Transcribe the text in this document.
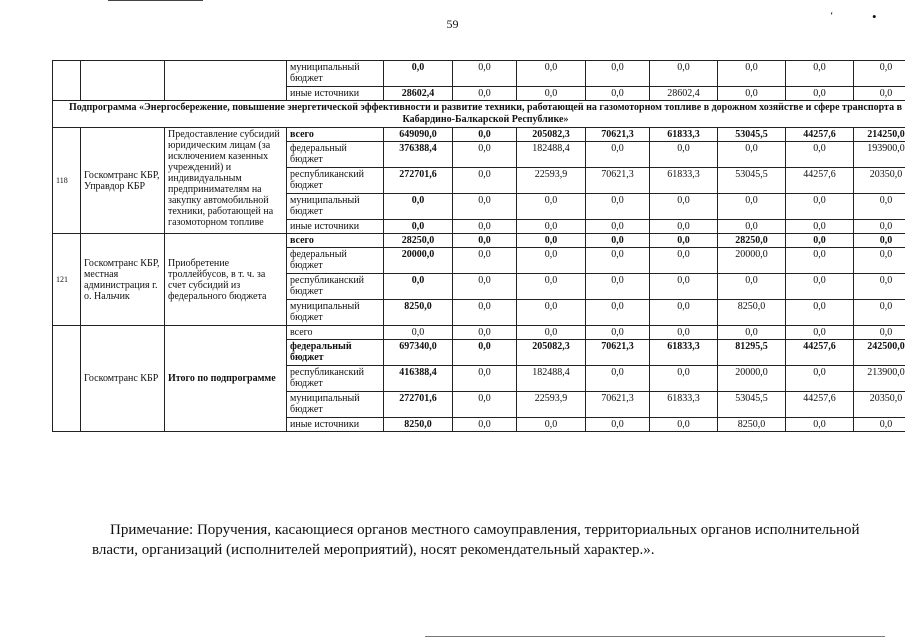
59
ʻ	•
			муниципальный бюджет	0,0	0,0	0,0	0,0	0,0	0,0	0,0	0,0
			иные источники	28602,4	0,0	0,0	0,0	28602,4	0,0	0,0	0,0
Подпрограмма «Энергосбережение, повышение энергетической эффективности и развитие техники, работающей на газомоторном топливе в дорожном хозяйстве и сфере транспорта в Кабардино-Балкарской Республике»											
118	Госкомтранс КБР, Управдор КБР	Предоставление субсидий юридическим лицам (за исключением казенных учреждений) и индивидуальным предпринимателям на закупку автомобильной техники, работающей на газомоторном топливе	всего	649090,0	0,0	205082,3	70621,3	61833,3	53045,5	44257,6	214250,0
			федеральный бюджет	376388,4	0,0	182488,4	0,0	0,0	0,0	0,0	193900,0
			республиканский бюджет	272701,6	0,0	22593,9	70621,3	61833,3	53045,5	44257,6	20350,0
			муниципальный бюджет	0,0	0,0	0,0	0,0	0,0	0,0	0,0	0,0
			иные источники	0,0	0,0	0,0	0,0	0,0	0,0	0,0	0,0
121	Госкомтранс КБР, местная администрация г. о. Нальчик	Приобретение троллейбусов, в т. ч. за счет субсидий из федерального бюджета	всего	28250,0	0,0	0,0	0,0	0,0	28250,0	0,0	0,0
			федеральный бюджет	20000,0	0,0	0,0	0,0	0,0	20000,0	0,0	0,0
			республиканский бюджет	0,0	0,0	0,0	0,0	0,0	0,0	0,0	0,0
			муниципальный бюджет	8250,0	0,0	0,0	0,0	0,0	8250,0	0,0	0,0
	Госкомтранс КБР	Итого по подпрограмме	всего	0,0	0,0	0,0	0,0	0,0	0,0	0,0	0,0
			федеральный бюджет	697340,0	0,0	205082,3	70621,3	61833,3	81295,5	44257,6	242500,0
			республиканский бюджет	416388,4	0,0	182488,4	0,0	0,0	20000,0	0,0	213900,0
			муниципальный бюджет	272701,6	0,0	22593,9	70621,3	61833,3	53045,5	44257,6	20350,0
			иные источники	8250,0	0,0	0,0	0,0	0,0	8250,0	0,0	0,0
Примечание: Поручения, касающиеся органов местного самоуправления, территориальных органов исполнительной власти, организаций (исполнителей мероприятий), носят рекомендательный характер.».
